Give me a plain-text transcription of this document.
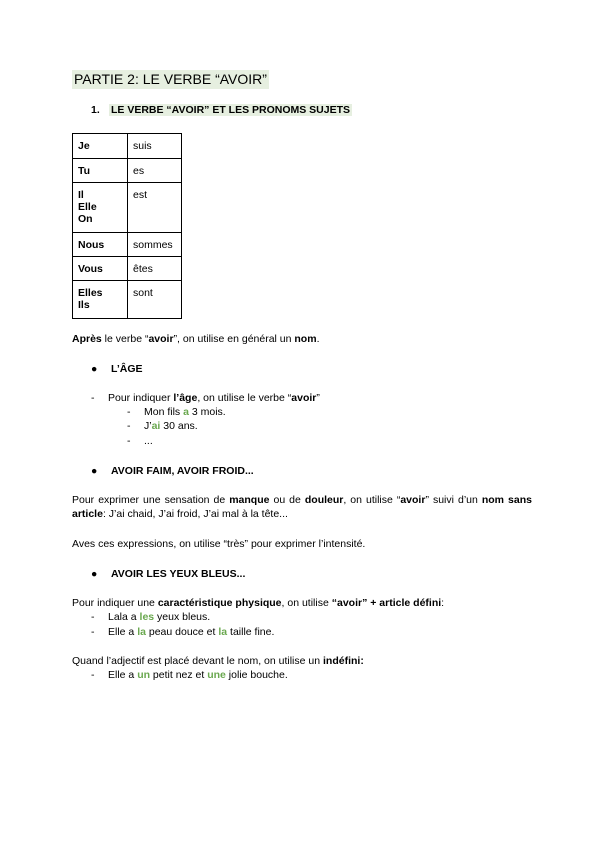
PARTIE 2: LE VERBE “AVOIR”
1. LE VERBE “AVOIR” ET LES PRONOMS SUJETS
Je	suis
Tu	es

Il
Elle
On	est
Nous	sommes
Vous	êtes

Elles
Ils	sont
Après le verbe “avoir”, on utilise en général un nom.
● L’ÂGE
- Pour indiquer l’âge, on utilise le verbe “avoir”
- Mon fils a 3 mois.
- J’ai 30 ans.
- ...
● AVOIR FAIM, AVOIR FROID...
Pour exprimer une sensation de manque ou de douleur, on utilise “avoir” suivi d’un nom sans article: J’ai chaid, J’ai froid, J’ai mal à la tête...
Aves ces expressions, on utilise “très” pour exprimer l’intensité.
● AVOIR LES YEUX BLEUS...
Pour indiquer une caractéristique physique, on utilise “avoir” + article défini:
- Lala a les yeux bleus.
- Elle a la peau douce et la taille fine.
Quand l’adjectif est placé devant le nom, on utilise un indéfini:
- Elle a un petit nez et une jolie bouche.
